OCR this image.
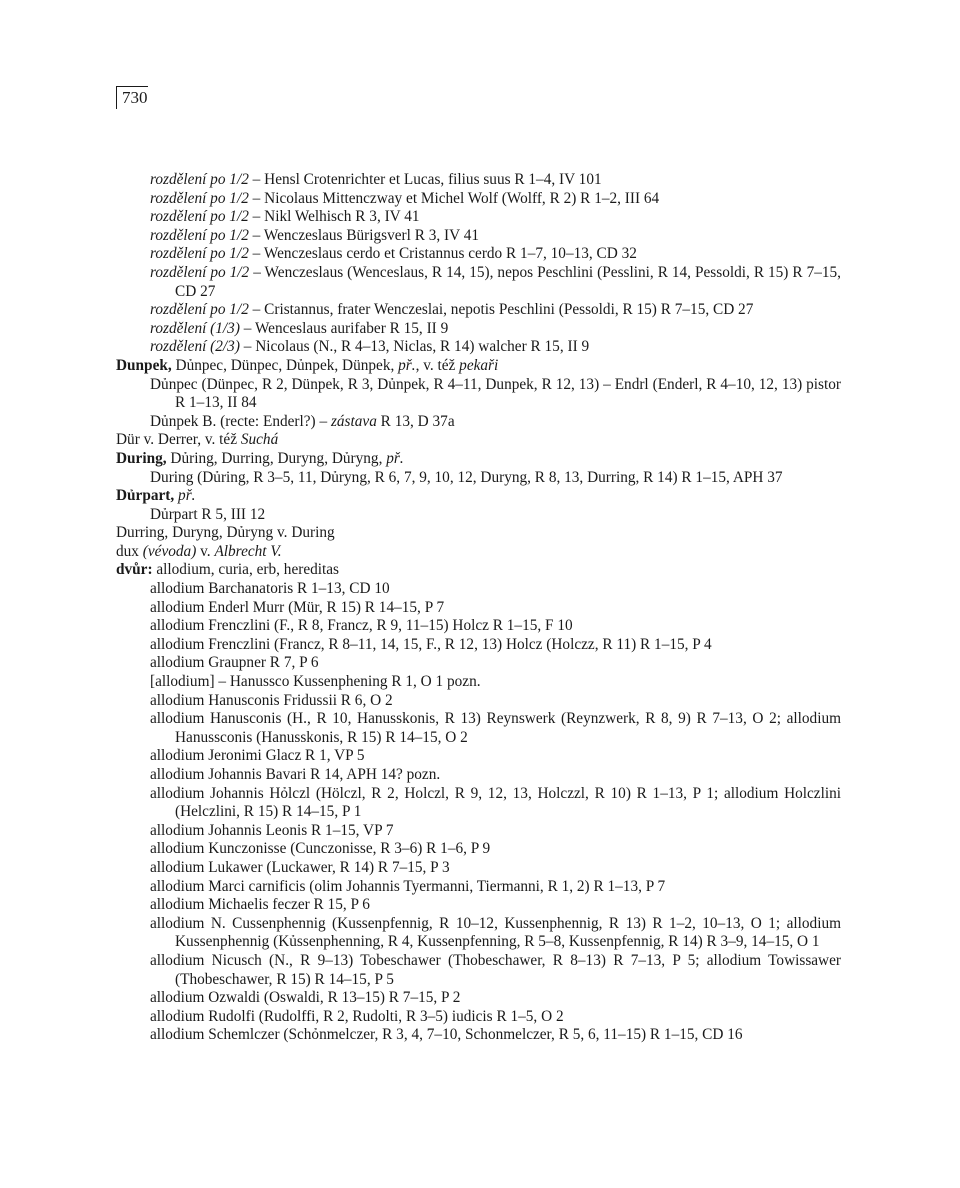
730
rozdělení po 1/2 – Hensl Crotenrichter et Lucas, filius suus R 1–4, IV 101
rozdělení po 1/2 – Nicolaus Mittenczway et Michel Wolf (Wolff, R 2) R 1–2, III 64
rozdělení po 1/2 – Nikl Welhisch R 3, IV 41
rozdělení po 1/2 – Wenczeslaus Bürigsverl R 3, IV 41
rozdělení po 1/2 – Wenczeslaus cerdo et Cristannus cerdo R 1–7, 10–13, CD 32
rozdělení po 1/2 – Wenczeslaus (Wenceslaus, R 14, 15), nepos Peschlini (Pesslini, R 14, Pessoldi, R 15) R 7–15, CD 27
rozdělení po 1/2 – Cristannus, frater Wenczeslai, nepotis Peschlini (Pessoldi, R 15) R 7–15, CD 27
rozdělení (1/3) – Wenceslaus aurifaber R 15, II 9
rozdělení (2/3) – Nicolaus (N., R 4–13, Niclas, R 14) walcher R 15, II 9
Dunpek, Dủnpec, Dünpec, Dủnpek, Dünpek, př., v. též pekaři
Dủnpec (Dünpec, R 2, Dünpek, R 3, Dủnpek, R 4–11, Dunpek, R 12, 13) – Endrl (Enderl, R 4–10, 12, 13) pistor R 1–13, II 84
Dủnpek B. (recte: Enderl?) – zástava R 13, D 37a
Dür v. Derrer, v. též Suchá
During, Dủring, Durring, Duryng, Dủryng, př.
During (Dủring, R 3–5, 11, Dủryng, R 6, 7, 9, 10, 12, Duryng, R 8, 13, Durring, R 14) R 1–15, APH 37
Dủrpart, př.
Dủrpart R 5, III 12
Durring, Duryng, Dủryng v. During
dux (vévoda) v. Albrecht V.
dvůr: allodium, curia, erb, hereditas
allodium Barchanatoris R 1–13, CD 10
allodium Enderl Murr (Mür, R 15) R 14–15, P 7
allodium Frenczlini (F., R 8, Francz, R 9, 11–15) Holcz R 1–15, F 10
allodium Frenczlini (Francz, R 8–11, 14, 15, F., R 12, 13) Holcz (Holczz, R 11) R 1–15, P 4
allodium Graupner R 7, P 6
[allodium] – Hanussco Kussenphening R 1, O 1 pozn.
allodium Hanusconis Fridussii R 6, O 2
allodium Hanusconis (H., R 10, Hanusskonis, R 13) Reynswerk (Reynzwerk, R 8, 9) R 7–13, O 2; allodium Hanussconis (Hanusskonis, R 15) R 14–15, O 2
allodium Jeronimi Glacz R 1, VP 5
allodium Johannis Bavari R 14, APH 14? pozn.
allodium Johannis Hỏlczl (Hölczl, R 2, Holczl, R 9, 12, 13, Holczzl, R 10) R 1–13, P 1; allodium Holczlini (Helczlini, R 15) R 14–15, P 1
allodium Johannis Leonis R 1–15, VP 7
allodium Kunczonisse (Cunczonisse, R 3–6) R 1–6, P 9
allodium Lukawer (Luckawer, R 14) R 7–15, P 3
allodium Marci carnificis (olim Johannis Tyermanni, Tiermanni, R 1, 2) R 1–13, P 7
allodium Michaelis feczer R 15, P 6
allodium N. Cussenphennig (Kussenpfennig, R 10–12, Kussenphennig, R 13) R 1–2, 10–13, O 1; allodium Kussenphennig (Kủssenphenning, R 4, Kussenpfenning, R 5–8, Kussenpfennig, R 14) R 3–9, 14–15, O 1
allodium Nicusch (N., R 9–13) Tobeschawer (Thobeschawer, R 8–13) R 7–13, P 5; allodium Towissawer (Thobeschawer, R 15) R 14–15, P 5
allodium Ozwaldi (Oswaldi, R 13–15) R 7–15, P 2
allodium Rudolfi (Rudolffi, R 2, Rudolti, R 3–5) iudicis R 1–5, O 2
allodium Schemlczer (Schỏnmelczer, R 3, 4, 7–10, Schonmelczer, R 5, 6, 11–15) R 1–15, CD 16
